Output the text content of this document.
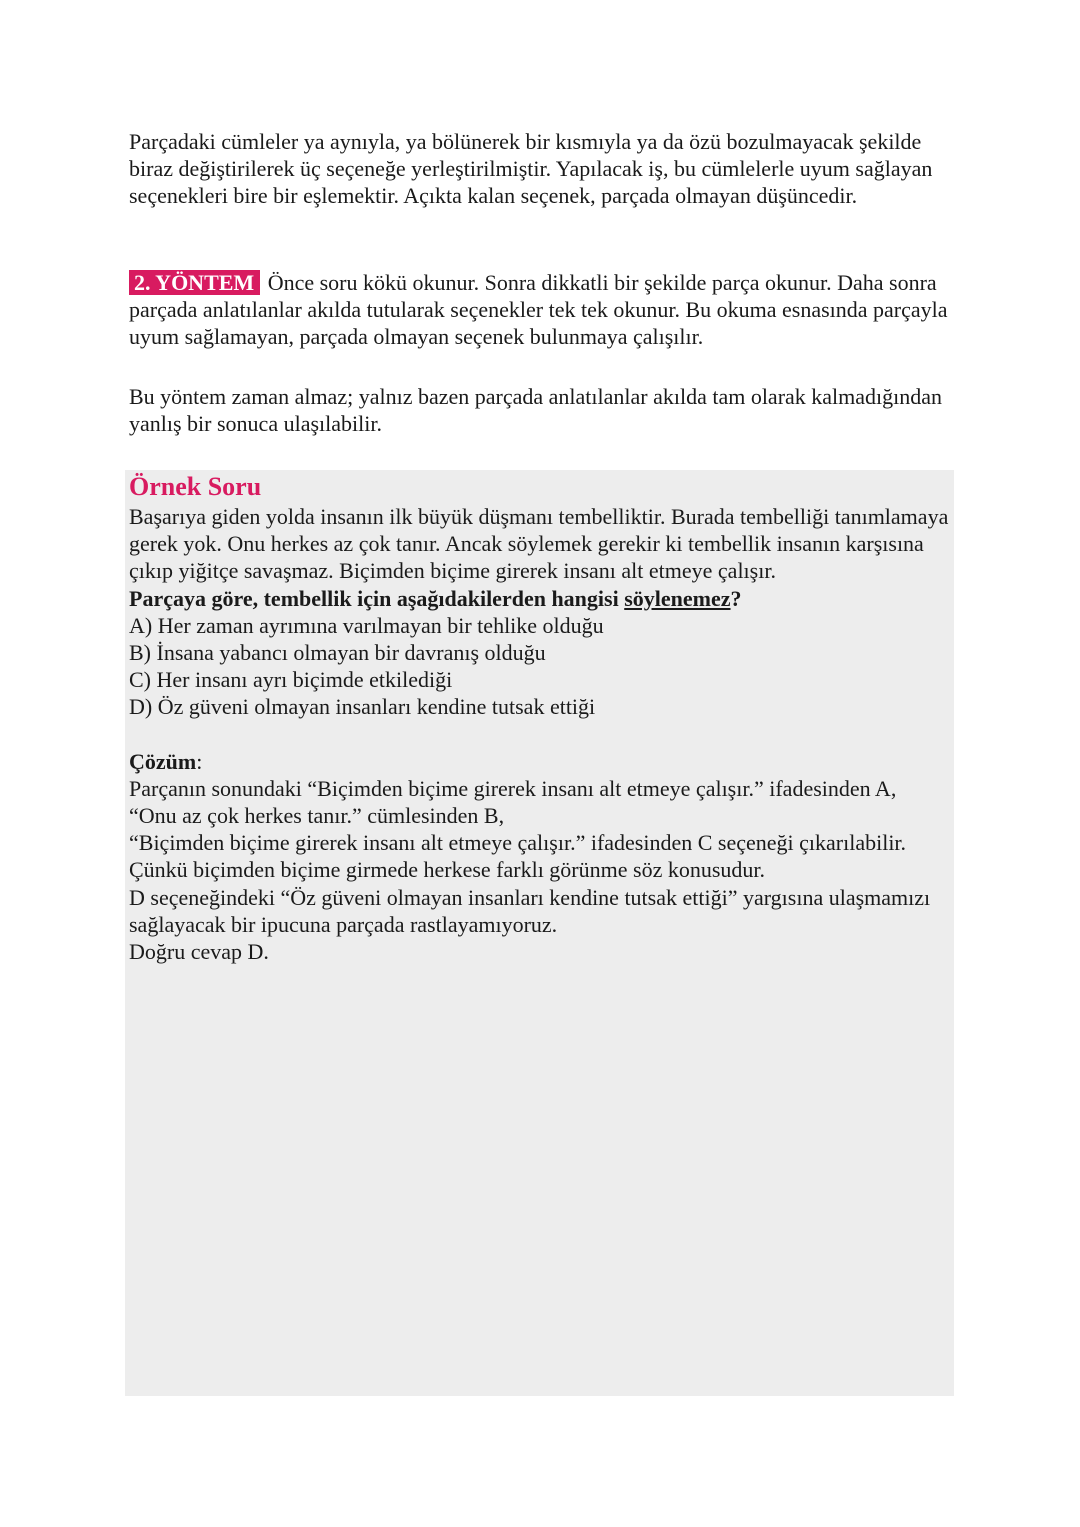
Parçadaki cümleler ya aynıyla, ya bölünerek bir kısmıyla ya da özü bozulmayacak şekilde biraz değiştirilerek üç seçeneğe yerleştirilmiştir. Yapılacak iş, bu cümlelerle uyum sağlayan seçenekleri bire bir eşlemektir. Açıkta kalan seçenek, parçada olmayan düşüncedir.

2. YÖNTEM Önce soru kökü okunur. Sonra dikkatli bir şekilde parça okunur. Daha sonra parçada anlatılanlar akılda tutularak seçenekler tek tek okunur. Bu okuma esnasında parçayla uyum sağlamayan, parçada olmayan seçenek bulunmaya çalışılır.

Bu yöntem zaman almaz; yalnız bazen parçada anlatılanlar akılda tam olarak kalmadığından yanlış bir sonuca ulaşılabilir.

Örnek Soru
Başarıya giden yolda insanın ilk büyük düşmanı tembelliktir. Burada tembelliği tanımlamaya gerek yok. Onu herkes az çok tanır. Ancak söylemek gerekir ki tembellik insanın karşısına çıkıp yiğitçe savaşmaz. Biçimden biçime girerek insanı alt etmeye çalışır.
Parçaya göre, tembellik için aşağıdakilerden hangisi söylenemez?
A) Her zaman ayrımına varılmayan bir tehlike olduğu
B) İnsana yabancı olmayan bir davranış olduğu
C) Her insanı ayrı biçimde etkilediği
D) Öz güveni olmayan insanları kendine tutsak ettiği
Çözüm:
Parçanın sonundaki “Biçimden biçime girerek insanı alt etmeye çalışır.” ifadesinden A,
“Onu az çok herkes tanır.” cümlesinden B,
“Biçimden biçime girerek insanı alt etmeye çalışır.” ifadesinden C seçeneği çıkarılabilir. Çünkü biçimden biçime girmede herkese farklı görünme söz konusudur.
D seçeneğindeki “Öz güveni olmayan insanları kendine tutsak ettiği” yargısına ulaşmamızı sağlayacak bir ipucuna parçada rastlayamıyoruz.
Doğru cevap D.
